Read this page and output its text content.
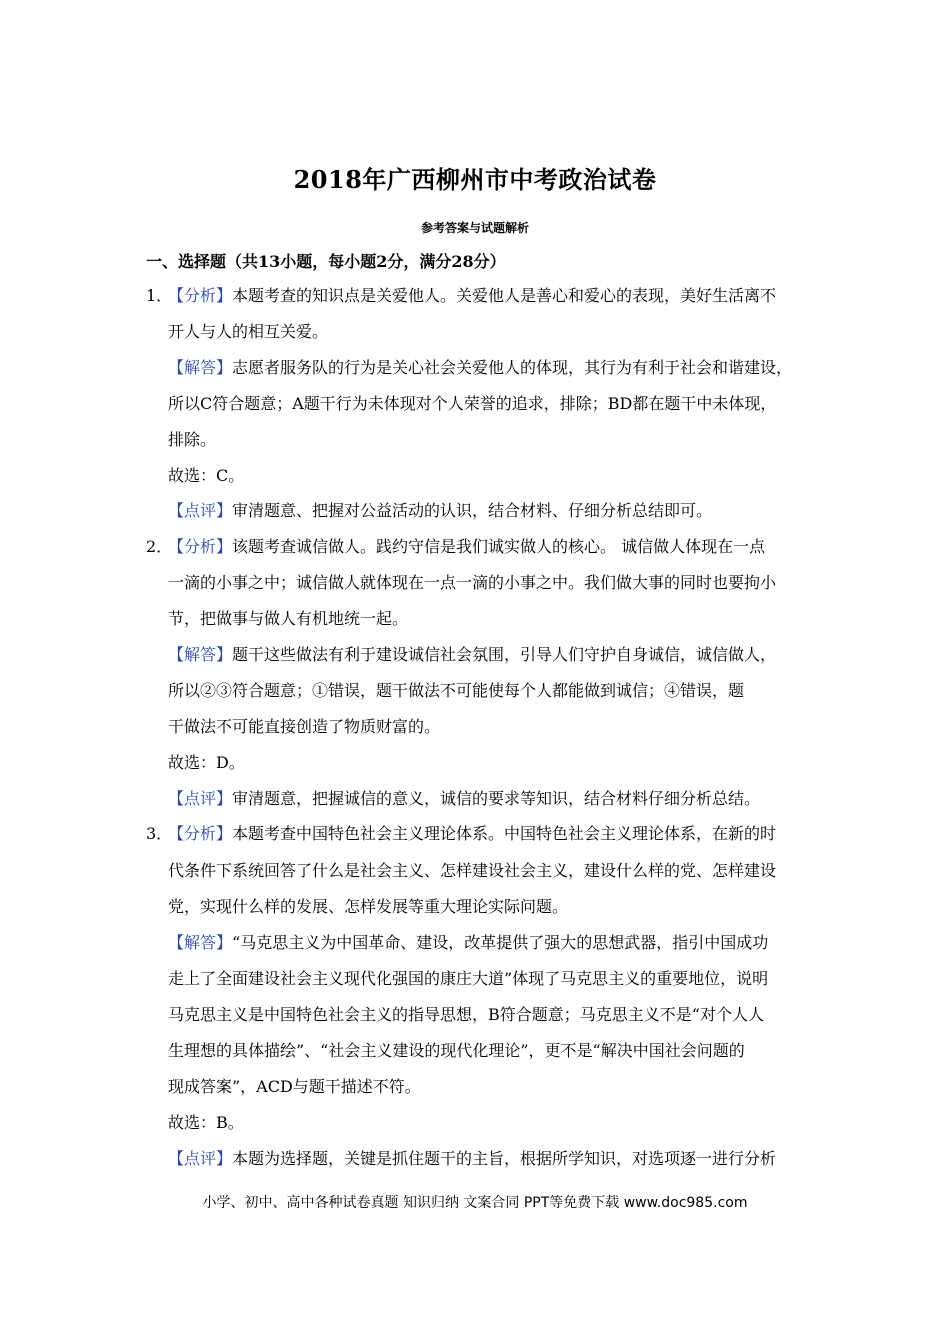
2018年广西柳州市中考政治试卷
参考答案与试题解析
一、选择题（共13小题，每小题2分，满分28分）
1．【分析】本题考查的知识点是关爱他人。关爱他人是善心和爱心的表现，美好生活离不
开人与人的相互关爱。
【解答】志愿者服务队的行为是关心社会关爱他人的体现，其行为有利于社会和谐建设，
所以C符合题意；A题干行为未体现对个人荣誉的追求，排除；BD都在题干中未体现，
排除。
故选：C。
【点评】审清题意、把握对公益活动的认识，结合材料、仔细分析总结即可。
2．【分析】该题考查诚信做人。践约守信是我们诚实做人的核心。 诚信做人体现在一点
一滴的小事之中；诚信做人就体现在一点一滴的小事之中。我们做大事的同时也要拘小
节，把做事与做人有机地统一起。
【解答】题干这些做法有利于建设诚信社会氛围，引导人们守护自身诚信，诚信做人，
所以②③符合题意；①错误，题干做法不可能使每个人都能做到诚信；④错误，题
干做法不可能直接创造了物质财富的。
故选：D。
【点评】审清题意，把握诚信的意义，诚信的要求等知识，结合材料仔细分析总结。
3．【分析】本题考查中国特色社会主义理论体系。中国特色社会主义理论体系，在新的时
代条件下系统回答了什么是社会主义、怎样建设社会主义，建设什么样的党、怎样建设
党，实现什么样的发展、怎样发展等重大理论实际问题。
【解答】“马克思主义为中国革命、建设，改革提供了强大的思想武器，指引中国成功
走上了全面建设社会主义现代化强国的康庄大道”体现了马克思主义的重要地位，说明
马克思主义是中国特色社会主义的指导思想，B符合题意；马克思主义不是“对个人人
生理想的具体描绘”、“社会主义建设的现代化理论”，更不是“解决中国社会问题的
现成答案”，ACD与题干描述不符。
故选：B。
【点评】本题为选择题，关键是抓住题干的主旨，根据所学知识，对选项逐一进行分析
小学、初中、高中各种试卷真题 知识归纳 文案合同 PPT等免费下载 www.doc985.com
